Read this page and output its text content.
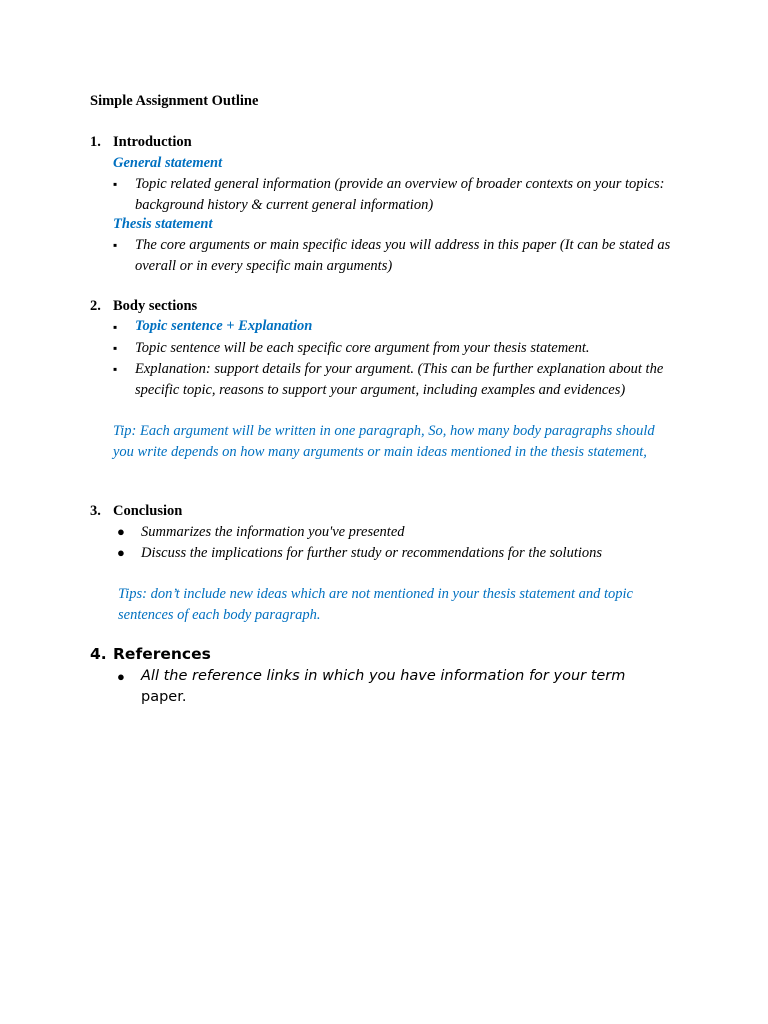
Simple Assignment Outline
1. Introduction
General statement
▪ Topic related general information (provide an overview of broader contexts on your topics: background history & current general information)
Thesis statement
▪ The core arguments or main specific ideas you will address in this paper (It can be stated as overall or in every specific main arguments)
2. Body sections
▪ Topic sentence + Explanation
▪ Topic sentence will be each specific core argument from your thesis statement.
▪ Explanation: support details for your argument. (This can be further explanation about the specific topic, reasons to support your argument, including examples and evidences)
Tip: Each argument will be written in one paragraph, So, how many body paragraphs should you write depends on how many arguments or main ideas mentioned in the thesis statement,
3. Conclusion
● Summarizes the information you've presented
● Discuss the implications for further study or recommendations for the solutions
Tips: don’t include new ideas which are not mentioned in your thesis statement and topic sentences of each body paragraph.
4. References
● All the reference links in which you have information for your term
paper.
